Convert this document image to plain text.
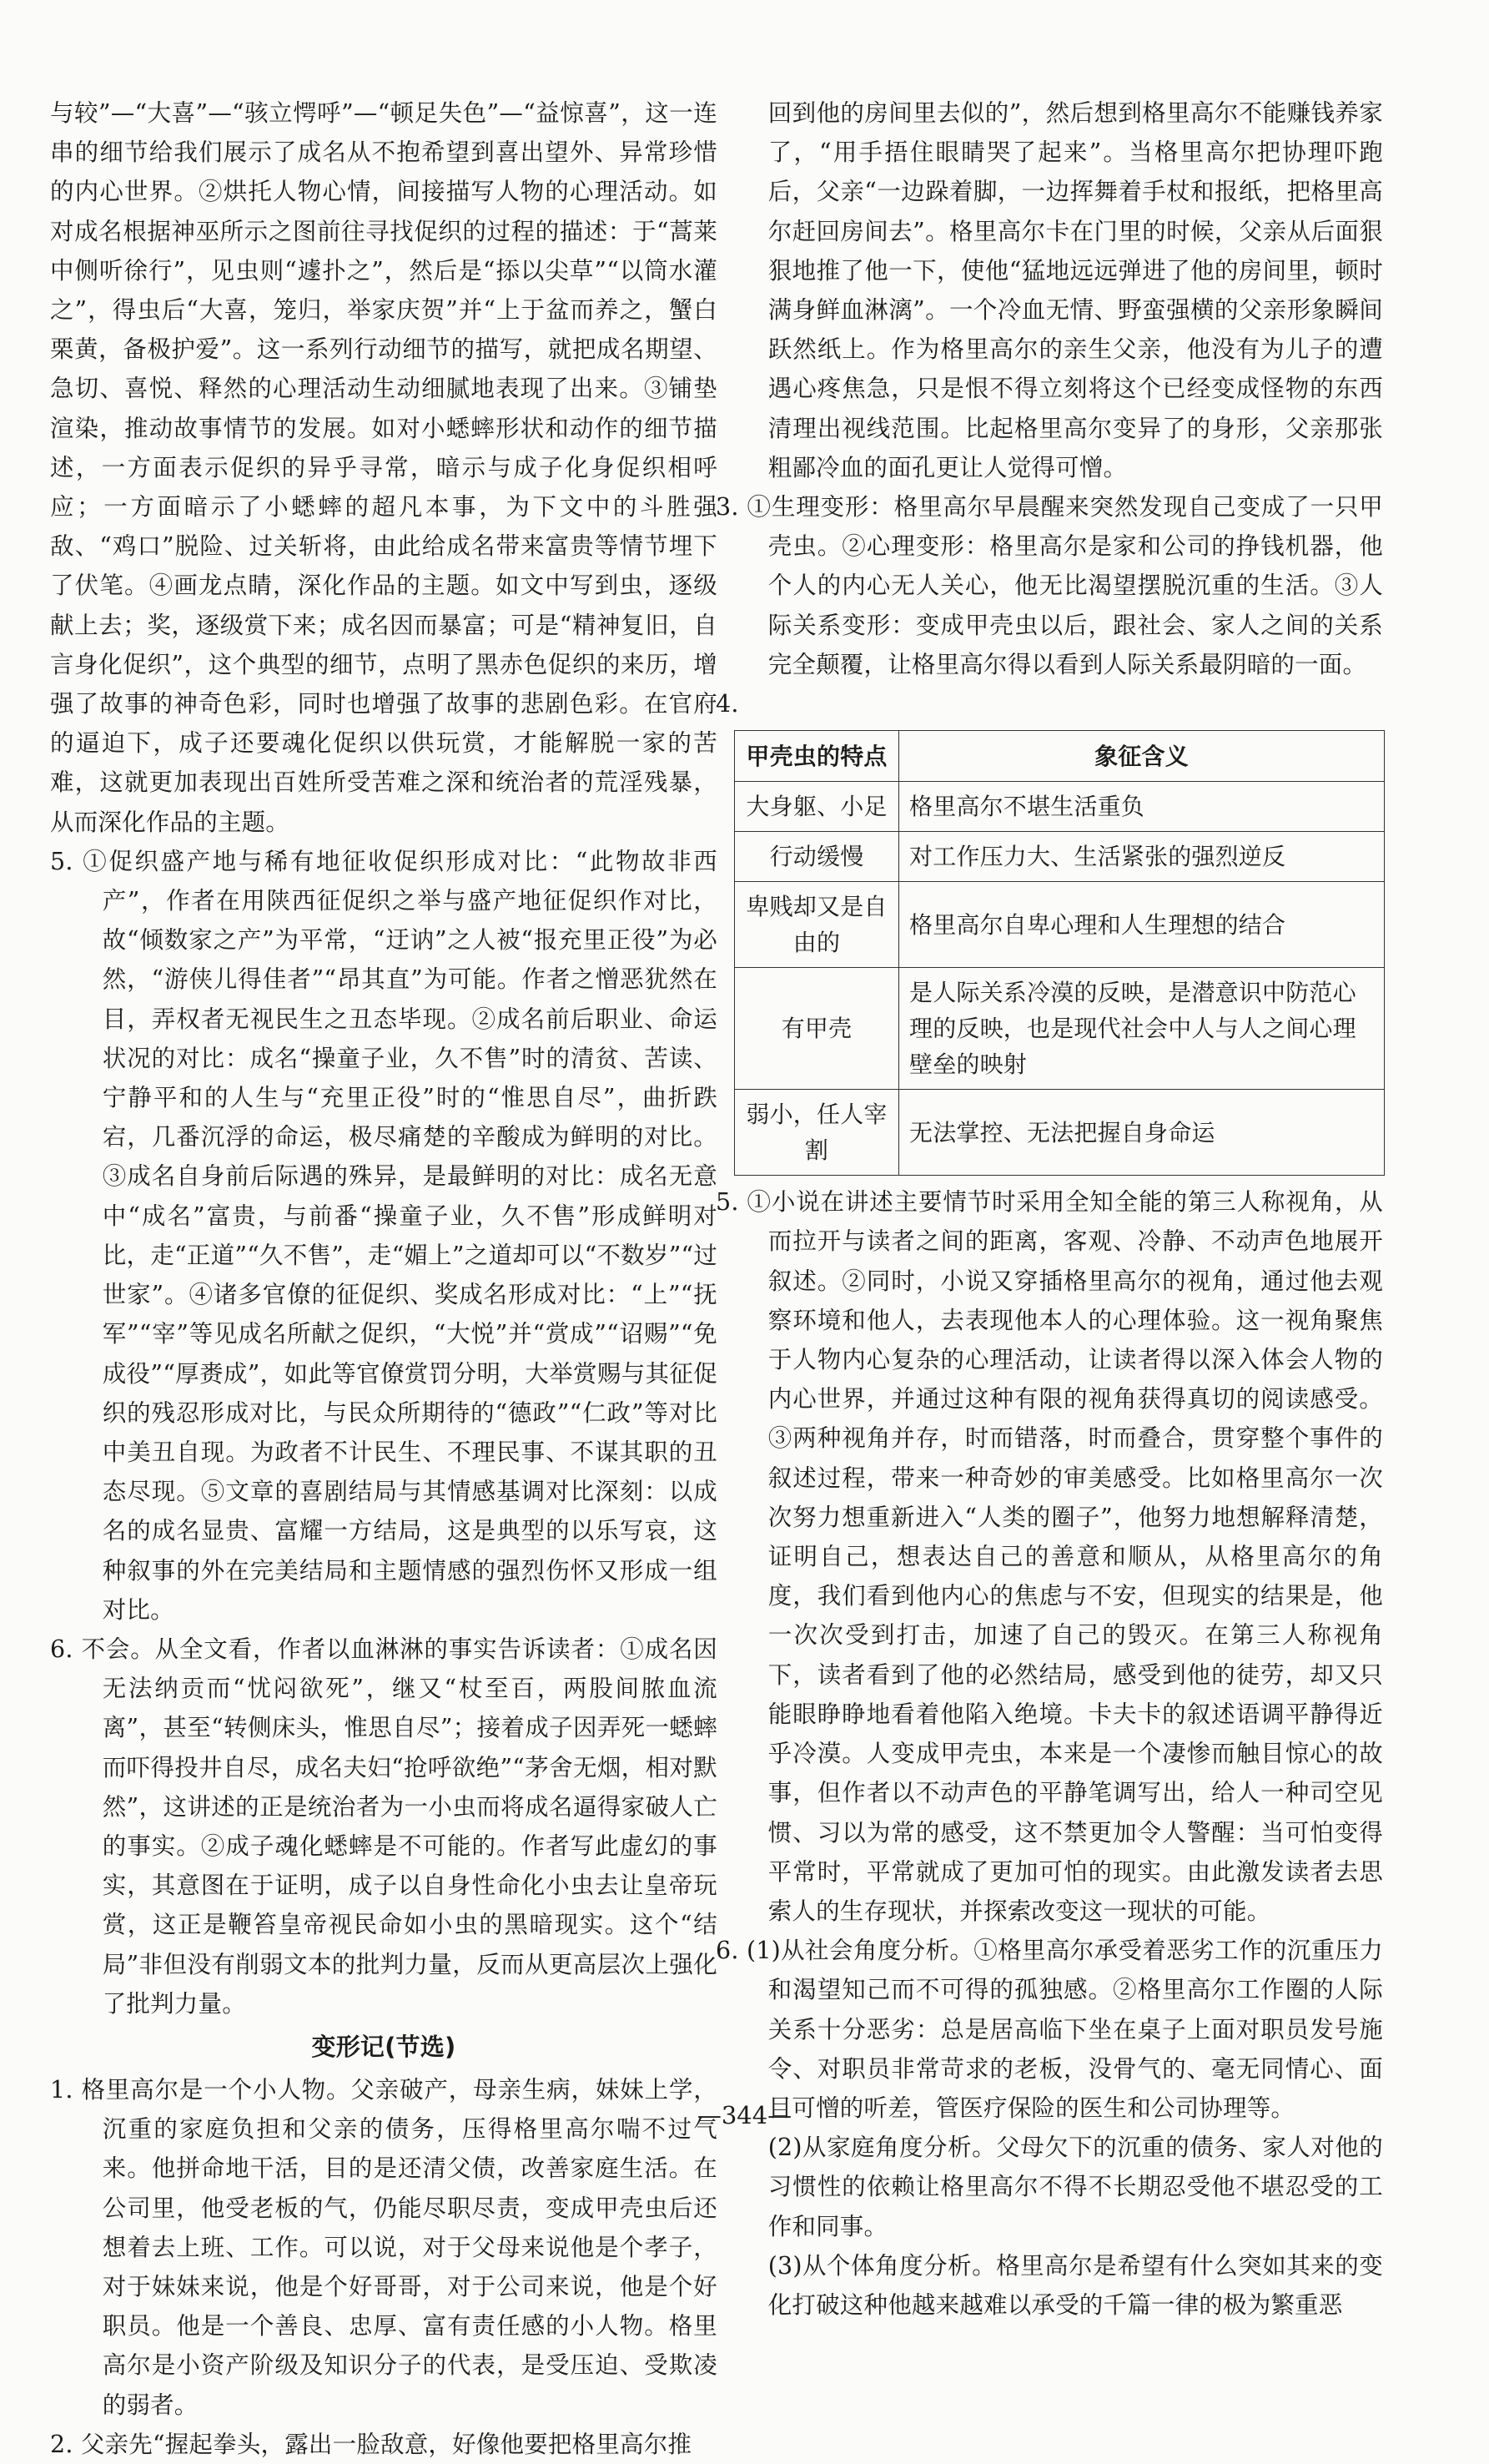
与较”—“大喜”—“骇立愕呼”—“顿足失色”—“益惊喜”，这一连串的细节给我们展示了成名从不抱希望到喜出望外、异常珍惜的内心世界。②烘托人物心情，间接描写人物的心理活动。如对成名根据神巫所示之图前往寻找促织的过程的描述：于“蒿莱中侧听徐行”，见虫则“遽扑之”，然后是“掭以尖草”“以筒水灌之”，得虫后“大喜，笼归，举家庆贺”并“上于盆而养之，蟹白栗黄，备极护爱”。这一系列行动细节的描写，就把成名期望、急切、喜悦、释然的心理活动生动细腻地表现了出来。③铺垫渲染，推动故事情节的发展。如对小蟋蟀形状和动作的细节描述，一方面表示促织的异乎寻常，暗示与成子化身促织相呼应；一方面暗示了小蟋蟀的超凡本事，为下文中的斗胜强敌、“鸡口”脱险、过关斩将，由此给成名带来富贵等情节埋下了伏笔。④画龙点睛，深化作品的主题。如文中写到虫，逐级献上去；奖，逐级赏下来；成名因而暴富；可是“精神复旧，自言身化促织”，这个典型的细节，点明了黑赤色促织的来历，增强了故事的神奇色彩，同时也增强了故事的悲剧色彩。在官府的逼迫下，成子还要魂化促织以供玩赏，才能解脱一家的苦难，这就更加表现出百姓所受苦难之深和统治者的荒淫残暴，从而深化作品的主题。

5. ①促织盛产地与稀有地征收促织形成对比：“此物故非西产”，作者在用陕西征促织之举与盛产地征促织作对比，故“倾数家之产”为平常，“迂讷”之人被“报充里正役”为必然，“游侠儿得佳者”“昂其直”为可能。作者之憎恶犹然在目，弄权者无视民生之丑态毕现。②成名前后职业、命运状况的对比：成名“操童子业，久不售”时的清贫、苦读、宁静平和的人生与“充里正役”时的“惟思自尽”，曲折跌宕，几番沉浮的命运，极尽痛楚的辛酸成为鲜明的对比。③成名自身前后际遇的殊异，是最鲜明的对比：成名无意中“成名”富贵，与前番“操童子业，久不售”形成鲜明对比，走“正道”“久不售”，走“媚上”之道却可以“不数岁”“过世家”。④诸多官僚的征促织、奖成名形成对比：“上”“抚军”“宰”等见成名所献之促织，“大悦”并“赏成”“诏赐”“免成役”“厚赉成”，如此等官僚赏罚分明，大举赏赐与其征促织的残忍形成对比，与民众所期待的“德政”“仁政”等对比中美丑自现。为政者不计民生、不理民事、不谋其职的丑态尽现。⑤文章的喜剧结局与其情感基调对比深刻：以成名的成名显贵、富耀一方结局，这是典型的以乐写哀，这种叙事的外在完美结局和主题情感的强烈伤怀又形成一组对比。

6. 不会。从全文看，作者以血淋淋的事实告诉读者：①成名因无法纳贡而“忧闷欲死”，继又“杖至百，两股间脓血流离”，甚至“转侧床头，惟思自尽”；接着成子因弄死一蟋蟀而吓得投井自尽，成名夫妇“抢呼欲绝”“茅舍无烟，相对默然”，这讲述的正是统治者为一小虫而将成名逼得家破人亡的事实。②成子魂化蟋蟀是不可能的。作者写此虚幻的事实，其意图在于证明，成子以自身性命化小虫去让皇帝玩赏，这正是鞭笞皇帝视民命如小虫的黑暗现实。这个“结局”非但没有削弱文本的批判力量，反而从更高层次上强化了批判力量。

变形记(节选)

1. 格里高尔是一个小人物。父亲破产，母亲生病，妹妹上学，沉重的家庭负担和父亲的债务，压得格里高尔喘不过气来。他拼命地干活，目的是还清父债，改善家庭生活。在公司里，他受老板的气，仍能尽职尽责，变成甲壳虫后还想着去上班、工作。可以说，对于父母来说他是个孝子，对于妹妹来说，他是个好哥哥，对于公司来说，他是个好职员。他是一个善良、忠厚、富有责任感的小人物。格里高尔是小资产阶级及知识分子的代表，是受压迫、受欺凌的弱者。

2. 父亲先“握起拳头，露出一脸敌意，好像他要把格里高尔推

回到他的房间里去似的”，然后想到格里高尔不能赚钱养家了，“用手捂住眼睛哭了起来”。当格里高尔把协理吓跑后，父亲“一边跺着脚，一边挥舞着手杖和报纸，把格里高尔赶回房间去”。格里高尔卡在门里的时候，父亲从后面狠狠地推了他一下，使他“猛地远远弹进了他的房间里，顿时满身鲜血淋漓”。一个冷血无情、野蛮强横的父亲形象瞬间跃然纸上。作为格里高尔的亲生父亲，他没有为儿子的遭遇心疼焦急，只是恨不得立刻将这个已经变成怪物的东西清理出视线范围。比起格里高尔变异了的身形，父亲那张粗鄙冷血的面孔更让人觉得可憎。

3. ①生理变形：格里高尔早晨醒来突然发现自己变成了一只甲壳虫。②心理变形：格里高尔是家和公司的挣钱机器，他个人的内心无人关心，他无比渴望摆脱沉重的生活。③人际关系变形：变成甲壳虫以后，跟社会、家人之间的关系完全颠覆，让格里高尔得以看到人际关系最阴暗的一面。

4.

甲壳虫的特点	象征含义
大身躯、小足	格里高尔不堪生活重负
行动缓慢	对工作压力大、生活紧张的强烈逆反
卑贱却又是自由的	格里高尔自卑心理和人生理想的结合
有甲壳	是人际关系冷漠的反映，是潜意识中防范心理的反映，也是现代社会中人与人之间心理壁垒的映射
弱小，任人宰割	无法掌控、无法把握自身命运

5. ①小说在讲述主要情节时采用全知全能的第三人称视角，从而拉开与读者之间的距离，客观、冷静、不动声色地展开叙述。②同时，小说又穿插格里高尔的视角，通过他去观察环境和他人，去表现他本人的心理体验。这一视角聚焦于人物内心复杂的心理活动，让读者得以深入体会人物的内心世界，并通过这种有限的视角获得真切的阅读感受。③两种视角并存，时而错落，时而叠合，贯穿整个事件的叙述过程，带来一种奇妙的审美感受。比如格里高尔一次次努力想重新进入“人类的圈子”，他努力地想解释清楚，证明自己，想表达自己的善意和顺从，从格里高尔的角度，我们看到他内心的焦虑与不安，但现实的结果是，他一次次受到打击，加速了自己的毁灭。在第三人称视角下，读者看到了他的必然结局，感受到他的徒劳，却又只能眼睁睁地看着他陷入绝境。卡夫卡的叙述语调平静得近乎冷漠。人变成甲壳虫，本来是一个凄惨而触目惊心的故事，但作者以不动声色的平静笔调写出，给人一种司空见惯、习以为常的感受，这不禁更加令人警醒：当可怕变得平常时，平常就成了更加可怕的现实。由此激发读者去思索人的生存现状，并探索改变这一现状的可能。

6. (1)从社会角度分析。①格里高尔承受着恶劣工作的沉重压力和渴望知己而不可得的孤独感。②格里高尔工作圈的人际关系十分恶劣：总是居高临下坐在桌子上面对职员发号施令、对职员非常苛求的老板，没骨气的、毫无同情心、面目可憎的听差，管医疗保险的医生和公司协理等。

(2)从家庭角度分析。父母欠下的沉重的债务、家人对他的习惯性的依赖让格里高尔不得不长期忍受他不堪忍受的工作和同事。

(3)从个体角度分析。格里高尔是希望有什么突如其来的变化打破这种他越来越难以承受的千篇一律的极为繁重恶

—344—
